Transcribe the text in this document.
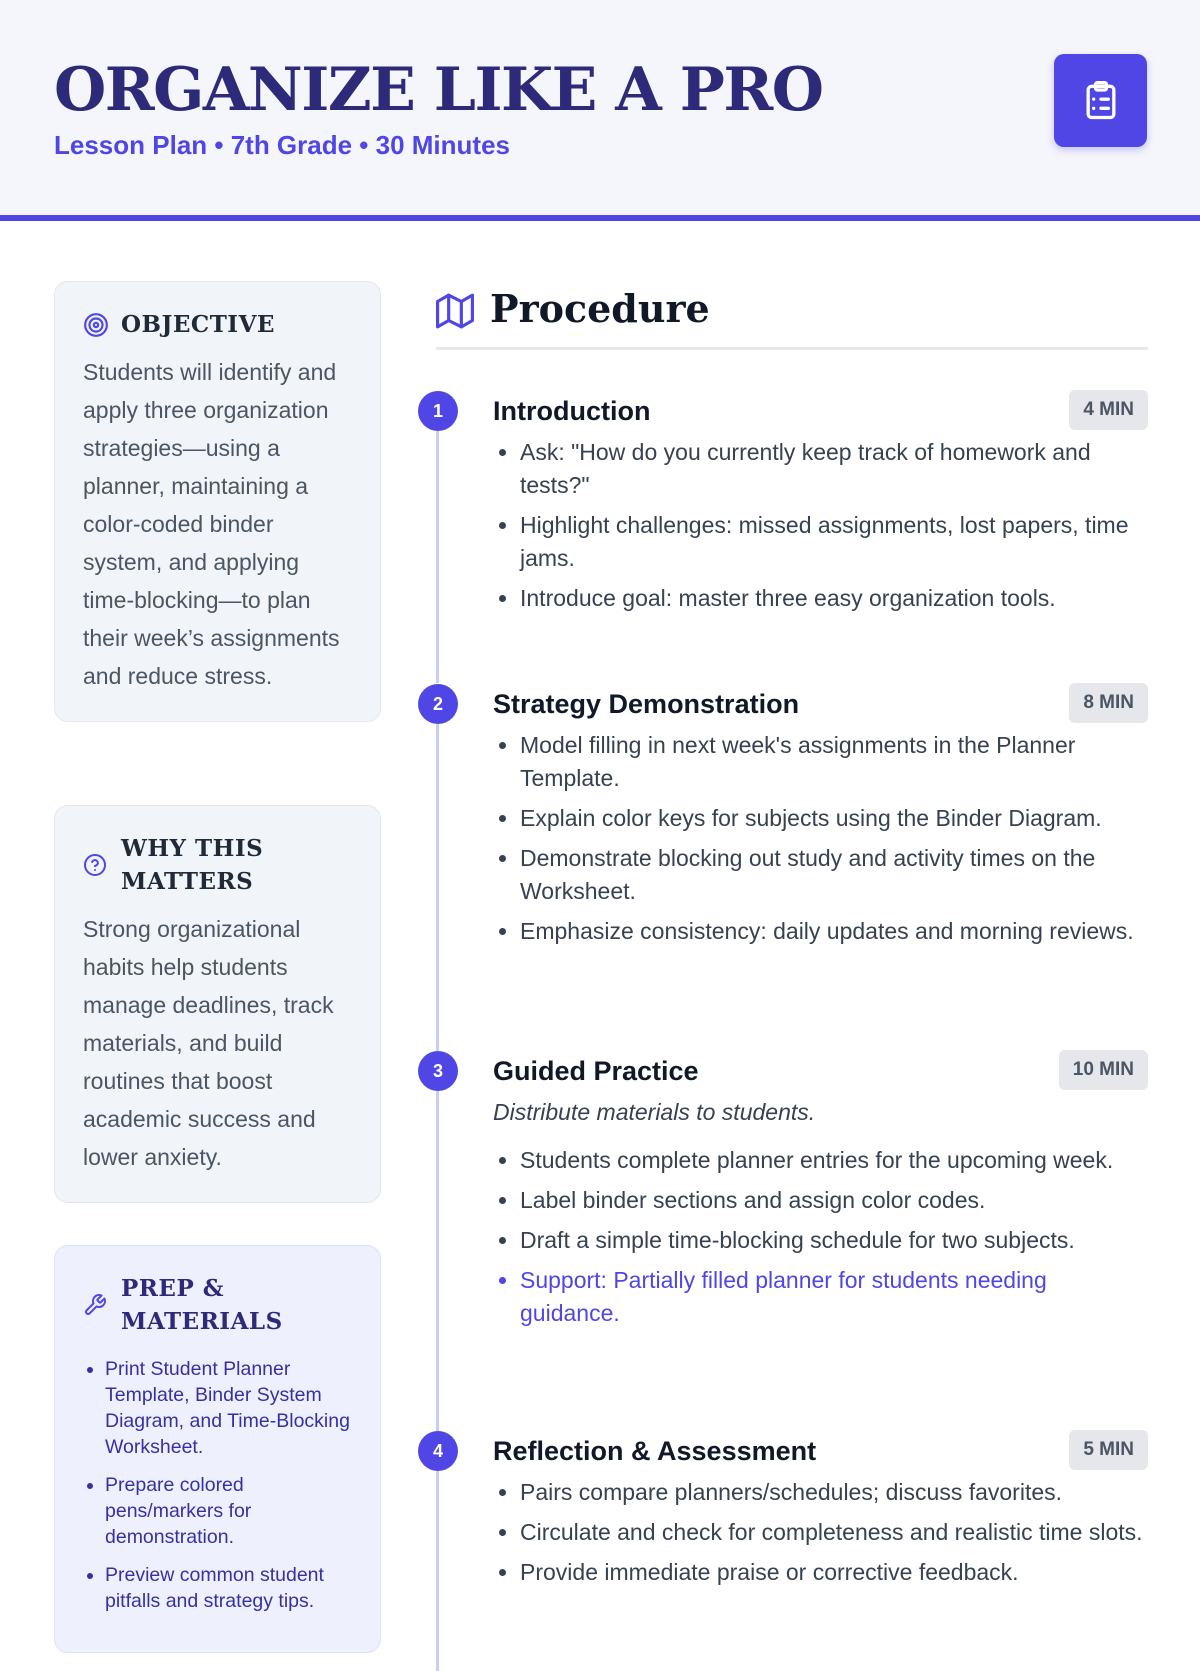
ORGANIZE LIKE A PRO
Lesson Plan • 7th Grade • 30 Minutes
OBJECTIVE
Students will identify and apply three organization strategies—using a planner, maintaining a color-coded binder system, and applying time-blocking—to plan their week’s assignments and reduce stress.
WHY THIS MATTERS
Strong organizational habits help students manage deadlines, track materials, and build routines that boost academic success and lower anxiety.
PREP & MATERIALS
• Print Student Planner Template, Binder System Diagram, and Time-Blocking Worksheet.
• Prepare colored pens/markers for demonstration.
• Preview common student pitfalls and strategy tips.
Procedure
1	Introduction	4 MIN
• Ask: "How do you currently keep track of homework and tests?"
• Highlight challenges: missed assignments, lost papers, time jams.
• Introduce goal: master three easy organization tools.
2	Strategy Demonstration	8 MIN
• Model filling in next week's assignments in the Planner Template.
• Explain color keys for subjects using the Binder Diagram.
• Demonstrate blocking out study and activity times on the Worksheet.
• Emphasize consistency: daily updates and morning reviews.
3	Guided Practice	10 MIN
Distribute materials to students.
• Students complete planner entries for the upcoming week.
• Label binder sections and assign color codes.
• Draft a simple time-blocking schedule for two subjects.
• Support: Partially filled planner for students needing guidance.
4	Reflection & Assessment	5 MIN
• Pairs compare planners/schedules; discuss favorites.
• Circulate and check for completeness and realistic time slots.
• Provide immediate praise or corrective feedback.
